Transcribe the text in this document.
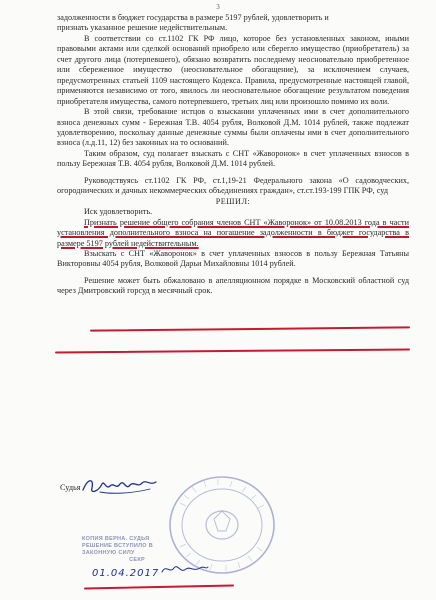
3

задолженности в бюджет государства в размере 5197 рублей, удовлетворить и

признать указанное решение недействительным.

В соответствии со ст.1102 ГК РФ лицо, которое без установленных законом, иными правовыми актами или сделкой оснований приобрело или сберегло имущество (приобретатель) за счет другого лица (потерпевшего), обязано возвратить последнему неосновательно приобретенное или сбереженное имущество (неосновательное обогащение), за исключением случаев, предусмотренных статьей 1109 настоящего Кодекса. Правила, предусмотренные настоящей главой, применяются независимо от того, явилось ли неосновательное обогащение результатом поведения приобретателя имущества, самого потерпевшего, третьих лиц или произошло помимо их воли.

В этой связи, требование истцов о взыскании уплаченных ими в счет дополнительного взноса денежных сумм - Бережная Т.В. 4054 рубля, Волковой Д.М. 1014 рублей, также подлежат удовлетворению, поскольку данные денежные суммы были оплачены ими в счет дополнительного взноса (л.д.11, 12) без законных на то оснований.

Таким образом, суд полагает взыскать с СНТ «Жаворонок» в счет уплаченных взносов в пользу Бережная Т.В. 4054 рубля, Волковой Д.М. 1014 рублей.

Руководствуясь ст.1102 ГК РФ, ст.1,19-21 Федерального закона «О садоводческих, огороднических и дачных некоммерческих объединениях граждан», ст.ст.193-199 ГПК РФ, суд

РЕШИЛ:

Иск удовлетворить.

Признать решение общего собрания членов СНТ «Жаворонок» от 10.08.2013 года в части установления дополнительного взноса на погашение задолженности в бюджет государства в размере 5197 рублей недействительным.

Взыскать с СНТ «Жаворонок» в счет уплаченных взносов в пользу Бережная Татьяны Викторовны 4054 рубля, Волковой Дарьи Михайловны 1014 рублей.

Решение может быть обжаловано в апелляционном порядке в Московский областной суд через Дмитровский горсуд в месячный срок.

Судья
КОПИЯ ВЕРНА. СУДЬЯ
РЕШЕНИЕ ВСТУПИЛО В
ЗАКОННУЮ СИЛУ
СЕКР
01.04.2017
